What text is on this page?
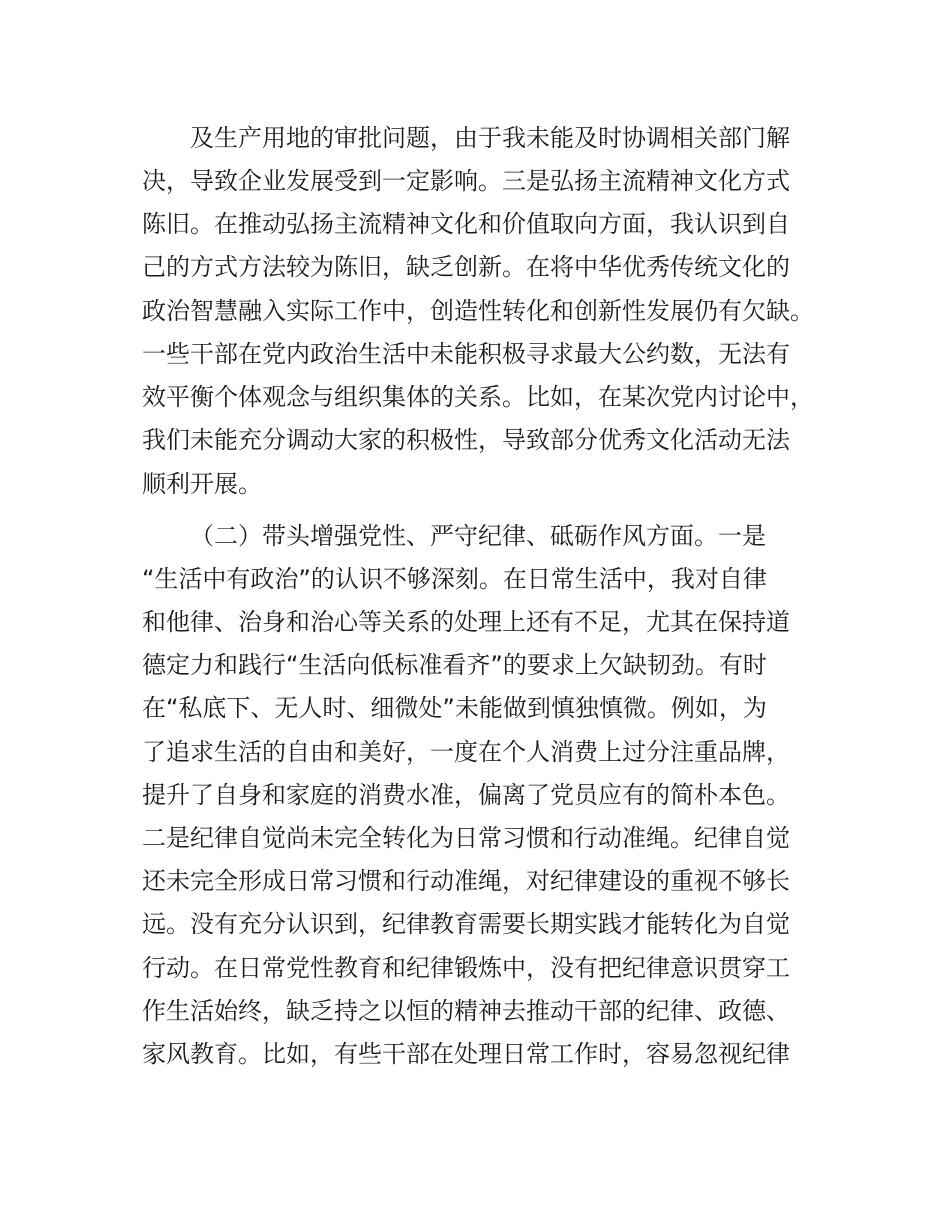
及生产用地的审批问题，由于我未能及时协调相关部门解
决，导致企业发展受到一定影响。三是弘扬主流精神文化方式
陈旧。在推动弘扬主流精神文化和价值取向方面，我认识到自
己的方式方法较为陈旧，缺乏创新。在将中华优秀传统文化的
政治智慧融入实际工作中，创造性转化和创新性发展仍有欠缺。
一些干部在党内政治生活中未能积极寻求最大公约数，无法有
效平衡个体观念与组织集体的关系。比如，在某次党内讨论中，
我们未能充分调动大家的积极性，导致部分优秀文化活动无法
顺利开展。
（二）带头增强党性、严守纪律、砥砺作风方面。一是
“生活中有政治”的认识不够深刻。在日常生活中，我对自律
和他律、治身和治心等关系的处理上还有不足，尤其在保持道
德定力和践行“生活向低标准看齐”的要求上欠缺韧劲。有时
在“私底下、无人时、细微处”未能做到慎独慎微。例如，为
了追求生活的自由和美好，一度在个人消费上过分注重品牌，
提升了自身和家庭的消费水准，偏离了党员应有的简朴本色。
二是纪律自觉尚未完全转化为日常习惯和行动准绳。纪律自觉
还未完全形成日常习惯和行动准绳，对纪律建设的重视不够长
远。没有充分认识到，纪律教育需要长期实践才能转化为自觉
行动。在日常党性教育和纪律锻炼中，没有把纪律意识贯穿工
作生活始终，缺乏持之以恒的精神去推动干部的纪律、政德、
家风教育。比如，有些干部在处理日常工作时，容易忽视纪律
